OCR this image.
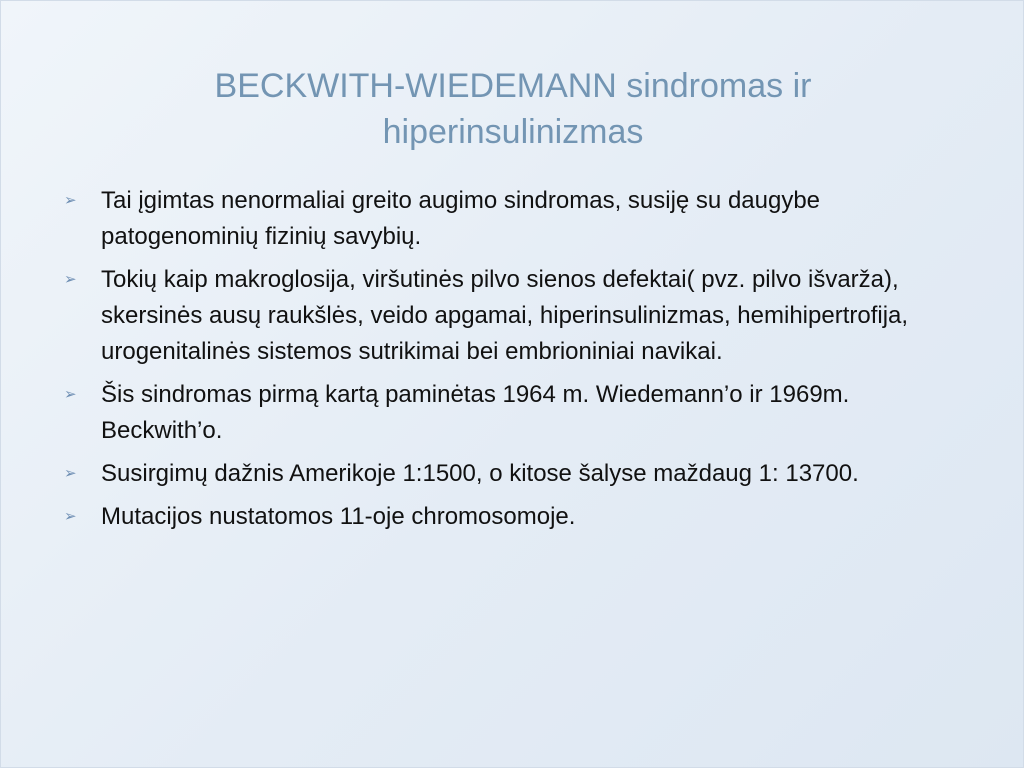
BECKWITH-WIEDEMANN sindromas ir
hiperinsulinizmas
➢ Tai įgimtas nenormaliai greito augimo sindromas, susiję su daugybe patogenominių fizinių savybių.
➢ Tokių kaip makroglosija, viršutinės pilvo sienos defektai( pvz. pilvo išvarža), skersinės ausų raukšlės, veido apgamai, hiperinsulinizmas, hemihipertrofija, urogenitalinės sistemos sutrikimai bei embrioniniai navikai.
➢ Šis sindromas pirmą kartą paminėtas 1964 m. Wiedemann’o ir 1969m. Beckwith’o.
➢ Susirgimų dažnis Amerikoje 1:1500, o kitose šalyse maždaug 1: 13700.
➢ Mutacijos nustatomos 11-oje chromosomoje.
